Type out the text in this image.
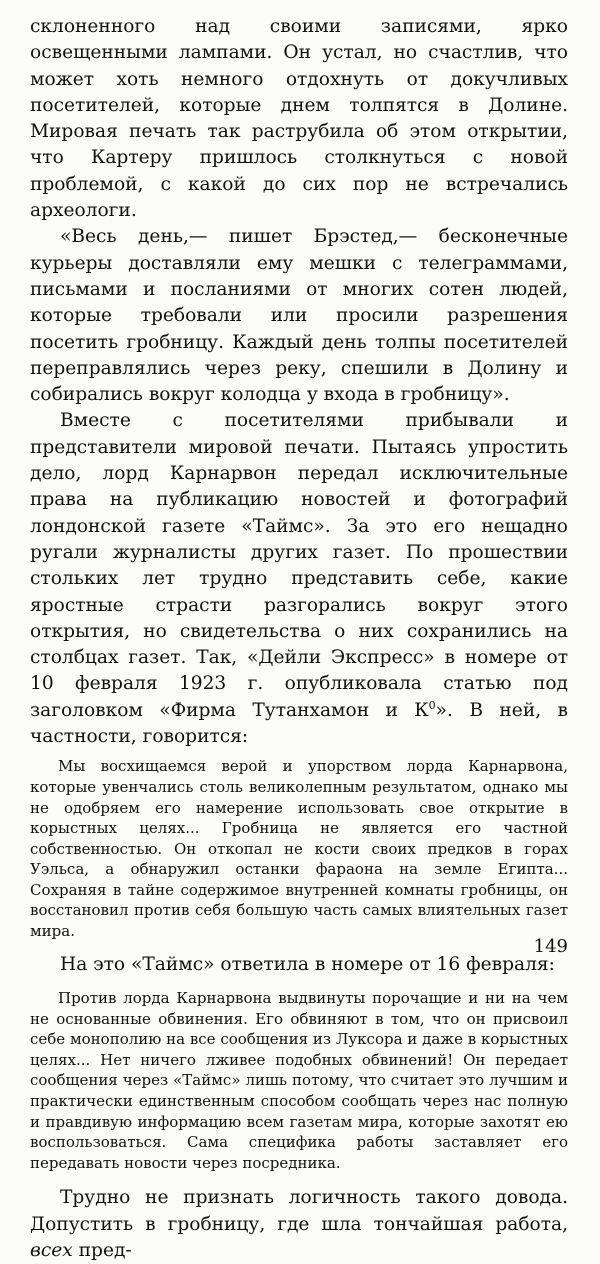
склоненного над своими записями, ярко освещенными лампами. Он устал, но счастлив, что может хоть немного отдохнуть от докучливых посетителей, которые днем толпятся в Долине. Мировая печать так раструбила об этом открытии, что Картеру пришлось столкнуться с новой проблемой, с какой до сих пор не встречались археологи.

«Весь день,— пишет Брэстед,— бесконечные курьеры доставляли ему мешки с телеграммами, письмами и посланиями от многих сотен людей, которые требовали или просили разрешения посетить гробницу. Каждый день толпы посетителей переправлялись через реку, спешили в Долину и собирались вокруг колодца у входа в гробницу».

Вместе с посетителями прибывали и представители мировой печати. Пытаясь упростить дело, лорд Карнарвон передал исключительные права на публикацию новостей и фотографий лондонской газете «Таймс». За это его нещадно ругали журналисты других газет. По прошествии стольких лет трудно представить себе, какие яростные страсти разгорались вокруг этого открытия, но свидетельства о них сохранились на столбцах газет. Так, «Дейли Экспресс» в номере от 10 февраля 1923 г. опубликовала статью под заголовком «Фирма Тутанхамон и $К^0$». В ней, в частности, говорится:

Мы восхищаемся верой и упорством лорда Карнарвона, которые увенчались столь великолепным результатом, однако мы не одобряем его намерение использовать свое открытие в корыстных целях... Гробница не является его частной собственностью. Он откопал не кости своих предков в горах Уэльса, а обнаружил останки фараона на земле Египта... Сохраняя в тайне содержимое внутренней комнаты гробницы, он восстановил против себя большую часть самых влиятельных газет мира.

На это «Таймс» ответила в номере от 16 февраля:

Против лорда Карнарвона выдвинуты порочащие и ни на чем не основанные обвинения. Его обвиняют в том, что он присвоил себе монополию на все сообщения из Луксора и даже в корыстных целях... Нет ничего лживее подобных обвинений! Он передает сообщения через «Таймс» лишь потому, что считает это лучшим и практически единственным способом сообщать через нас полную и правдивую информацию всем газетам мира, которые захотят ею воспользоваться. Сама специфика работы заставляет его передавать новости через посредника.

Трудно не признать логичность такого довода. Допустить в гробницу, где шла тончайшая работа, всех пред-

149
